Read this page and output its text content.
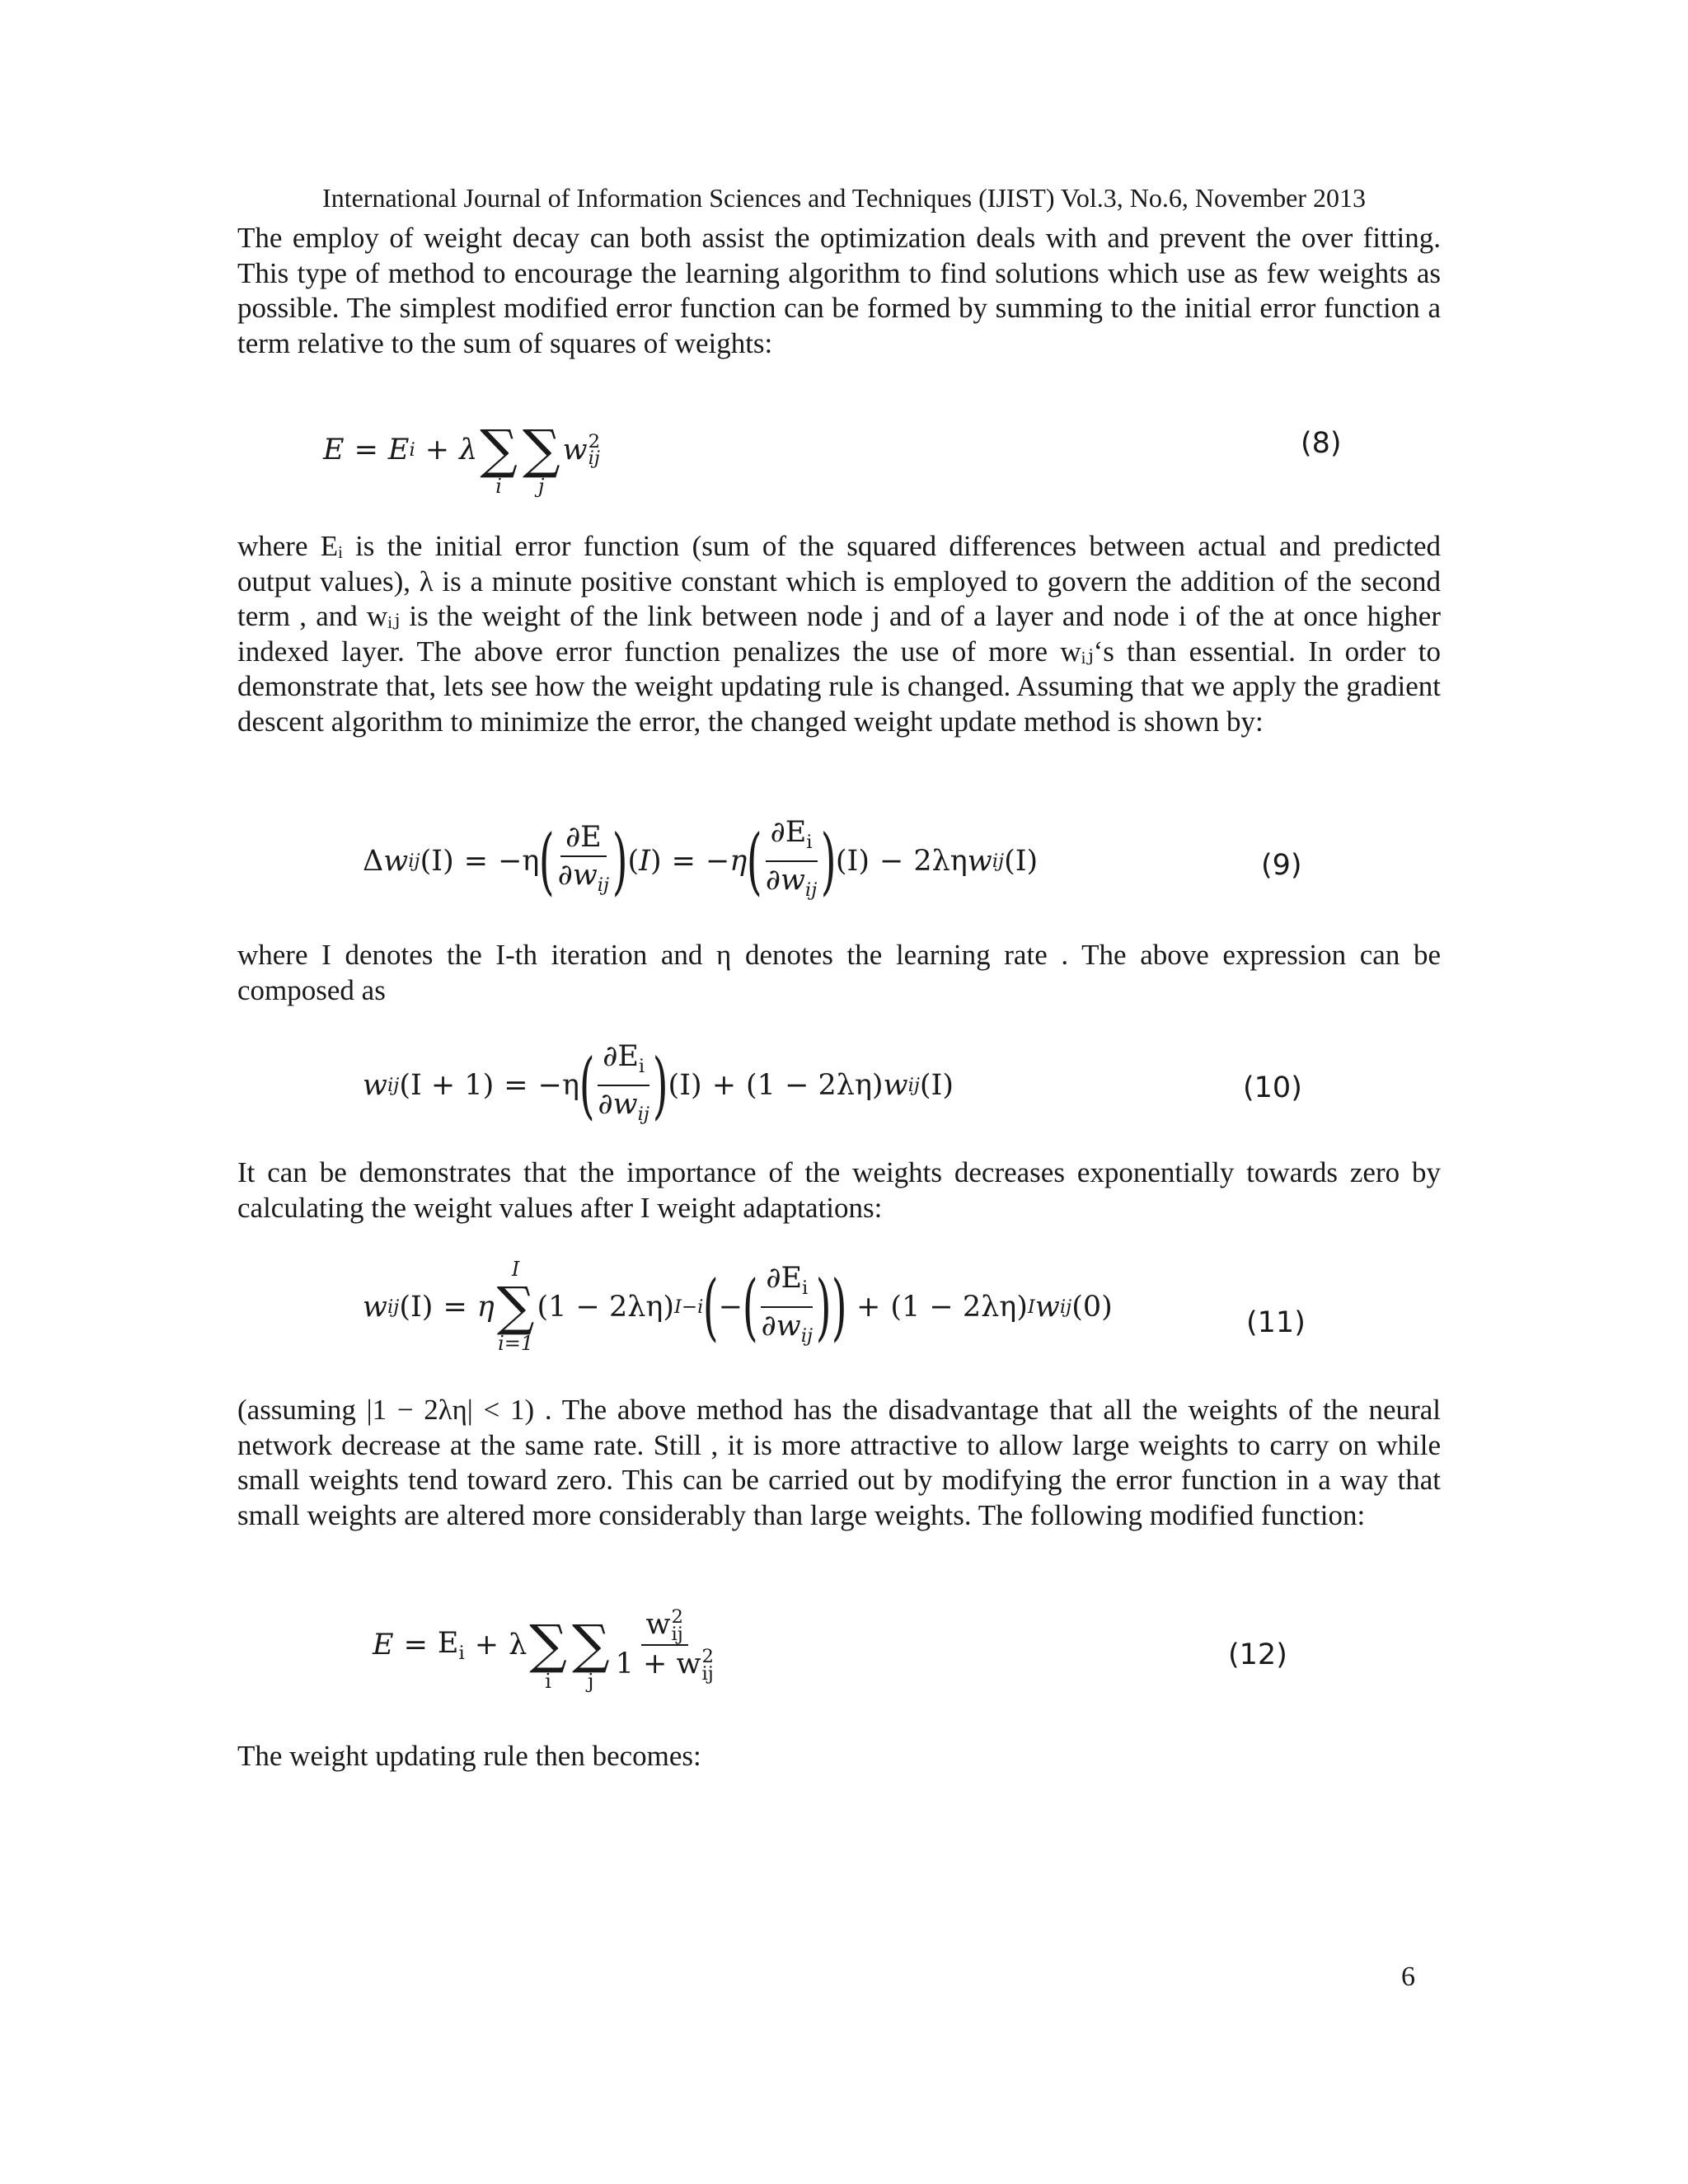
International Journal of Information Sciences and Techniques (IJIST) Vol.3, No.6, November 2013

The employ of weight decay can both assist the optimization deals with and prevent the over fitting. This type of method to encourage the learning algorithm to find solutions which use as few weights as possible. The simplest modified error function can be formed by summing to the initial error function a term relative to the sum of squares of weights:

E = E i + λ ∑
i
∑
j
w 2
ij	(8)

where Eᵢ is the initial error function (sum of the squared differences between actual and predicted output values), λ is a minute positive constant which is employed to govern the addition of the second term , and wᵢⱼ is the weight of the link between node j and of a layer and node i of the at once higher indexed layer. The above error function penalizes the use of more wᵢⱼ‘s than essential. In order to demonstrate that, lets see how the weight updating rule is changed. Assuming that we apply the gradient descent algorithm to minimize the error, the changed weight update method is shown by:

Δ w ij (I) = −η ( $\frac{\partial E}{\partial w_{ij}}$ ) (I) = −η ( $\frac{\partial E_i}{\partial w_{ij}}$ ) (I) − 2λη w ij (I)	(9)

where I denotes the I-th iteration and η denotes the learning rate . The above expression can be composed as

w ij (I + 1) = −η ( $\frac{\partial E_i}{\partial w_{ij}}$ ) (I) + (1 − 2λη) w ij (I)	(10)

It can be demonstrates that the importance of the weights decreases exponentially towards zero by calculating the weight values after I weight adaptations:

w ij (I) = η
I
∑
i=1
(1 − 2λη) I−i ( − ( $\frac{\partial E_i}{\partial w_{ij}}$ ) ) + (1 − 2λη) I w ij (0)	(11)

(assuming |1 − 2λη| < 1) . The above method has the disadvantage that all the weights of the neural network decrease at the same rate. Still , it is more attractive to allow large weights to carry on while small weights tend toward zero. This can be carried out by modifying the error function in a way that small weights are altered more considerably than large weights. The following modified function:

$E = E_i + \lambda$ ∑
i
∑
j w 2
ij
1 + w 2
ij	(12)

The weight updating rule then becomes:

6
